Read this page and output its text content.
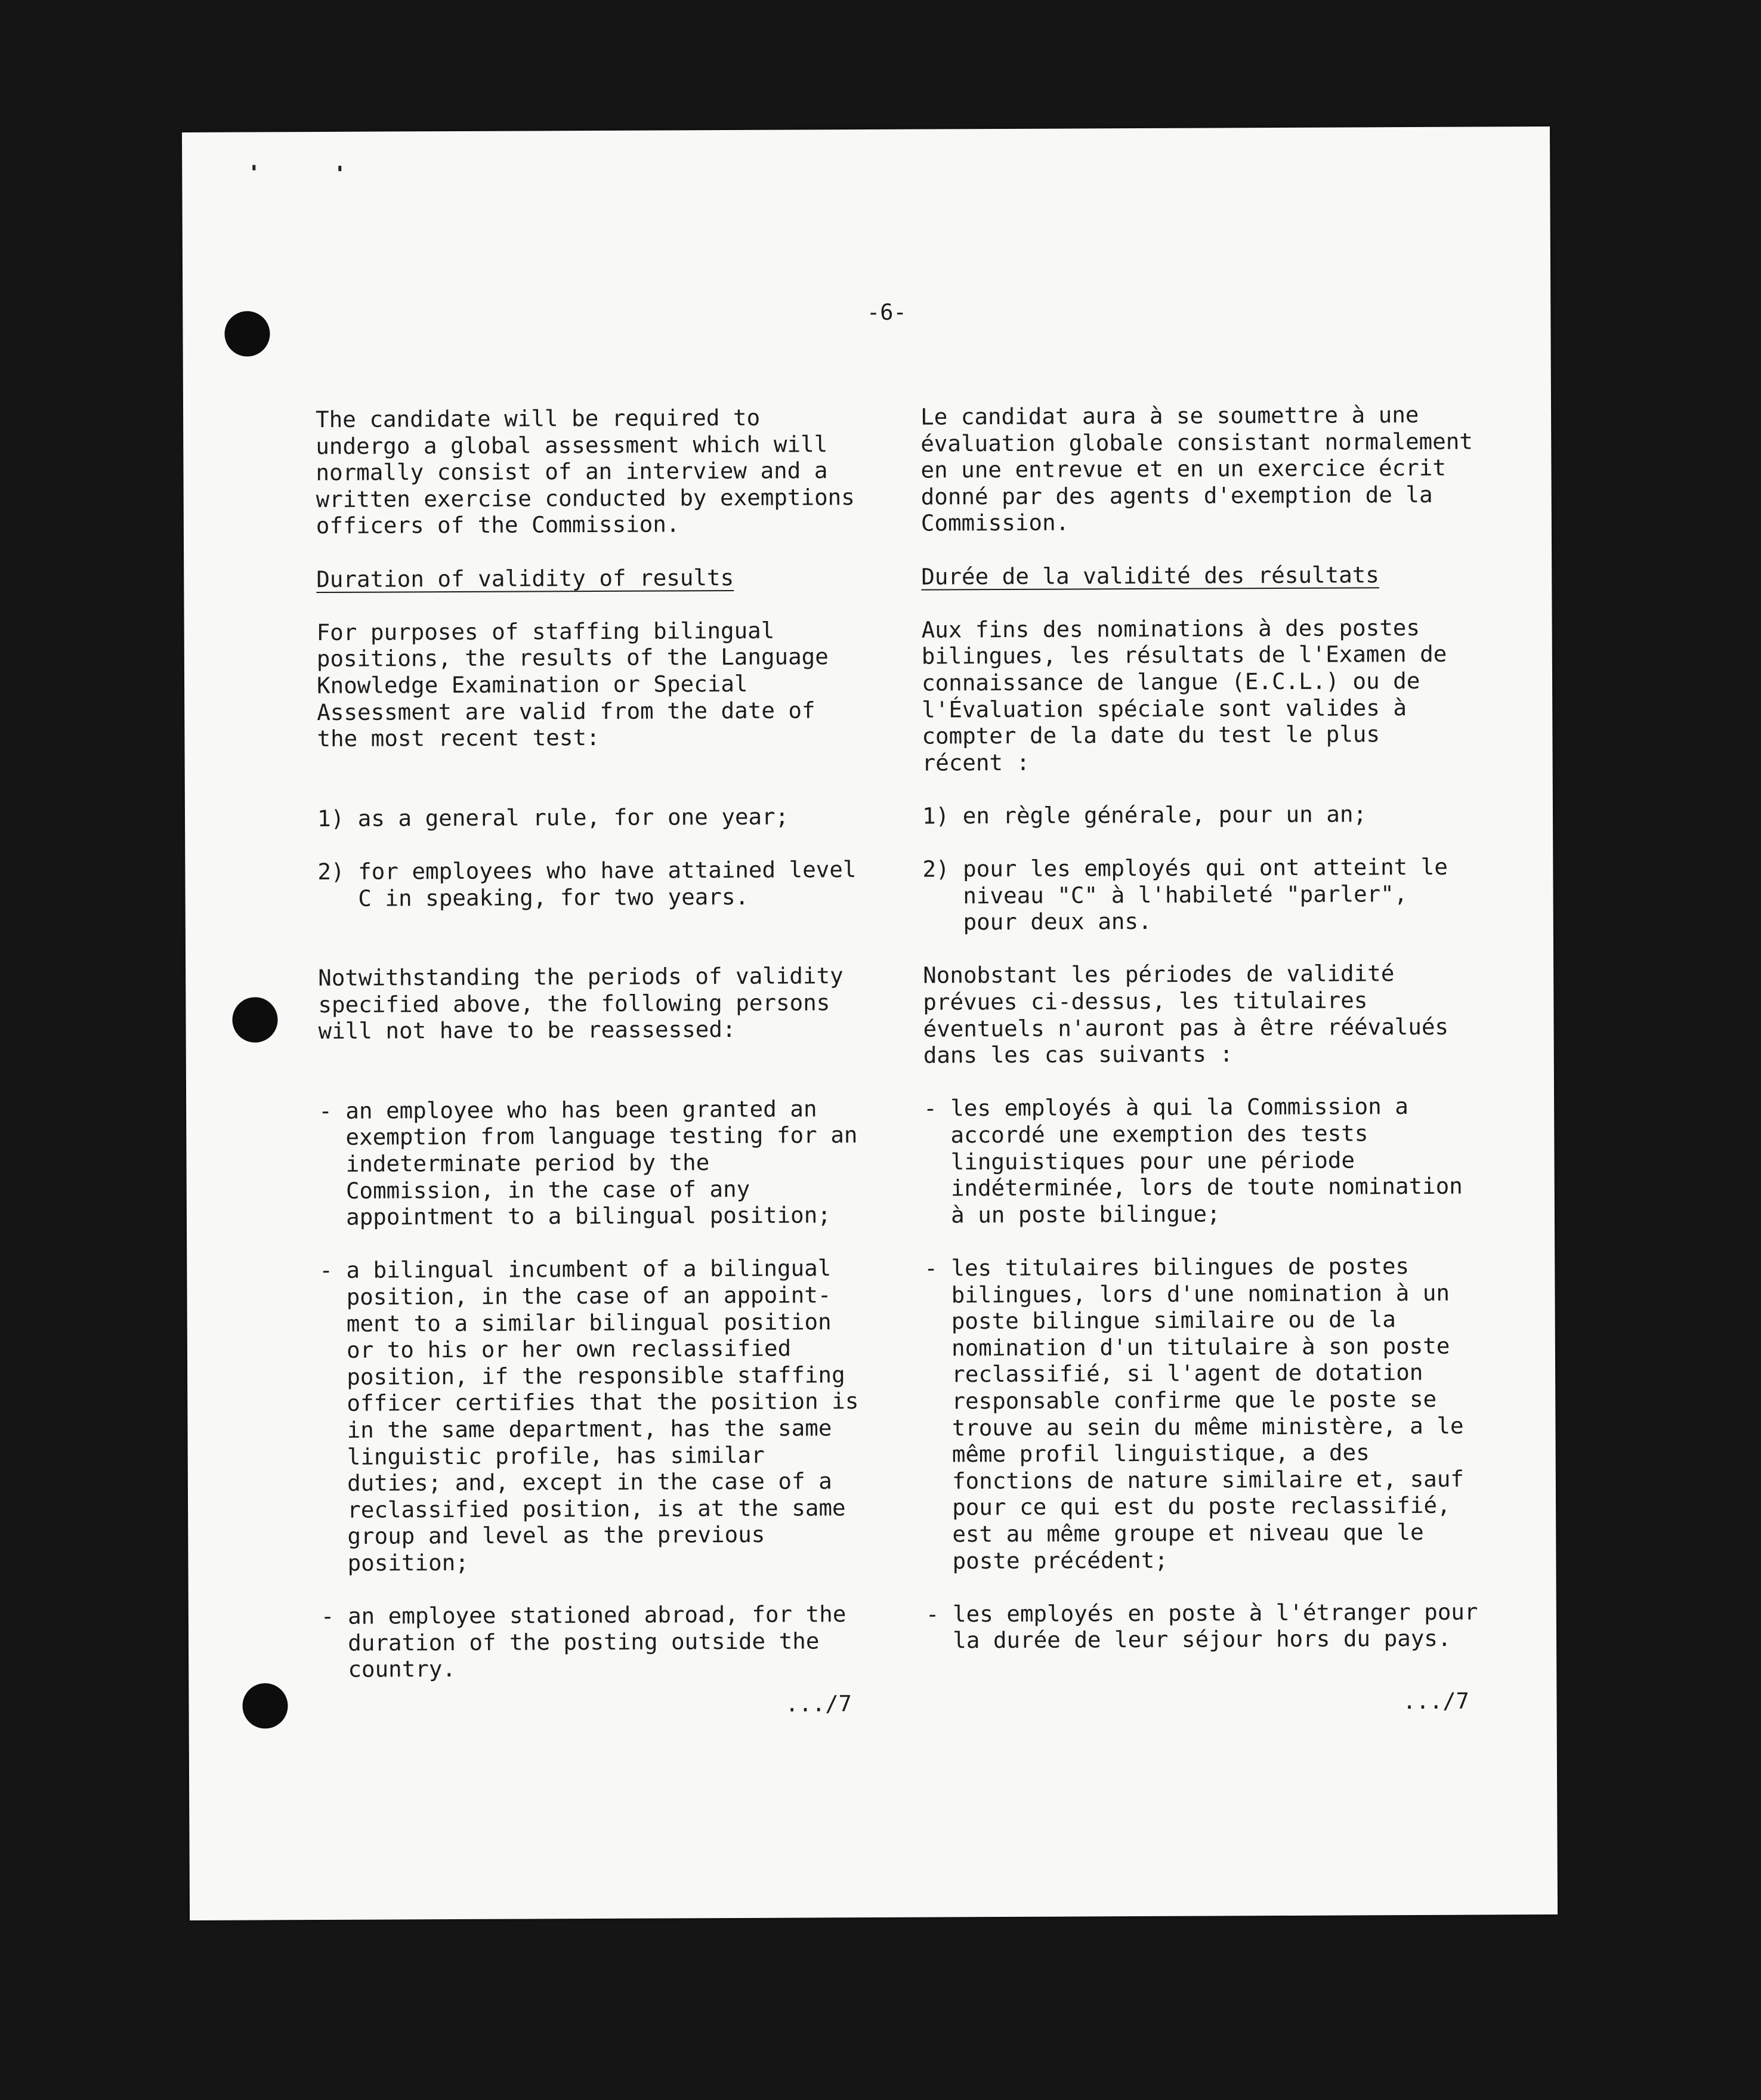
-6-

The candidate will be required to
undergo a global assessment which will
normally consist of an interview and a
written exercise conducted by exemptions
officers of the Commission.

Duration of validity of results

For purposes of staffing bilingual
positions, the results of the Language
Knowledge Examination or Special
Assessment are valid from the date of
the most recent test:

1) as a general rule, for one year;

2) for employees who have attained level
C in speaking, for two years.

Notwithstanding the periods of validity
specified above, the following persons
will not have to be reassessed:

- an employee who has been granted an
exemption from language testing for an
indeterminate period by the
Commission, in the case of any
appointment to a bilingual position;

- a bilingual incumbent of a bilingual
position, in the case of an appoint-
ment to a similar bilingual position
or to his or her own reclassified
position, if the responsible staffing
officer certifies that the position is
in the same department, has the same
linguistic profile, has similar
duties; and, except in the case of a
reclassified position, is at the same
group and level as the previous
position;

- an employee stationed abroad, for the
duration of the posting outside the
country.

Le candidat aura à se soumettre à une
évaluation globale consistant normalement
en une entrevue et en un exercice écrit
donné par des agents d'exemption de la
Commission.

Durée de la validité des résultats

Aux fins des nominations à des postes
bilingues, les résultats de l'Examen de
connaissance de langue (E.C.L.) ou de
l'Évaluation spéciale sont valides à
compter de la date du test le plus
récent :

1) en règle générale, pour un an;

2) pour les employés qui ont atteint le
niveau "C" à l'habileté "parler",
pour deux ans.

Nonobstant les périodes de validité
prévues ci-dessus, les titulaires
éventuels n'auront pas à être réévalués
dans les cas suivants :

- les employés à qui la Commission a
accordé une exemption des tests
linguistiques pour une période
indéterminée, lors de toute nomination
à un poste bilingue;

- les titulaires bilingues de postes
bilingues, lors d'une nomination à un
poste bilingue similaire ou de la
nomination d'un titulaire à son poste
reclassifié, si l'agent de dotation
responsable confirme que le poste se
trouve au sein du même ministère, a le
même profil linguistique, a des
fonctions de nature similaire et, sauf
pour ce qui est du poste reclassifié,
est au même groupe et niveau que le
poste précédent;

- les employés en poste à l'étranger pour
la durée de leur séjour hors du pays.

.../7	.../7
